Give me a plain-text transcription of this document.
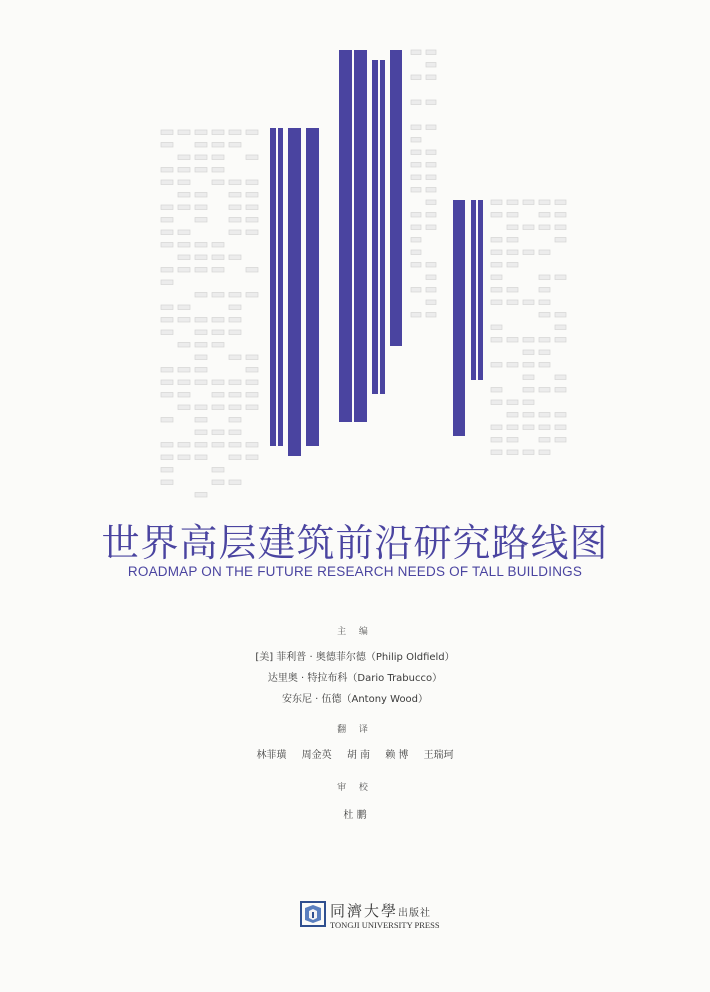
世界高层建筑前沿研究路线图
ROADMAP ON THE FUTURE RESEARCH NEEDS OF TALL BUILDINGS
主 编
[美] 菲利普 · 奥德菲尔德（Philip Oldfield）
达里奥 · 特拉布科（Dario Trabucco）
安东尼 · 伍德（Antony Wood）
翻 译
林菲璜 周金英 胡 南 赖 博 王瑞珂
审 校
杜 鹏
同濟大學出版社
TONGJI UNIVERSITY PRESS
